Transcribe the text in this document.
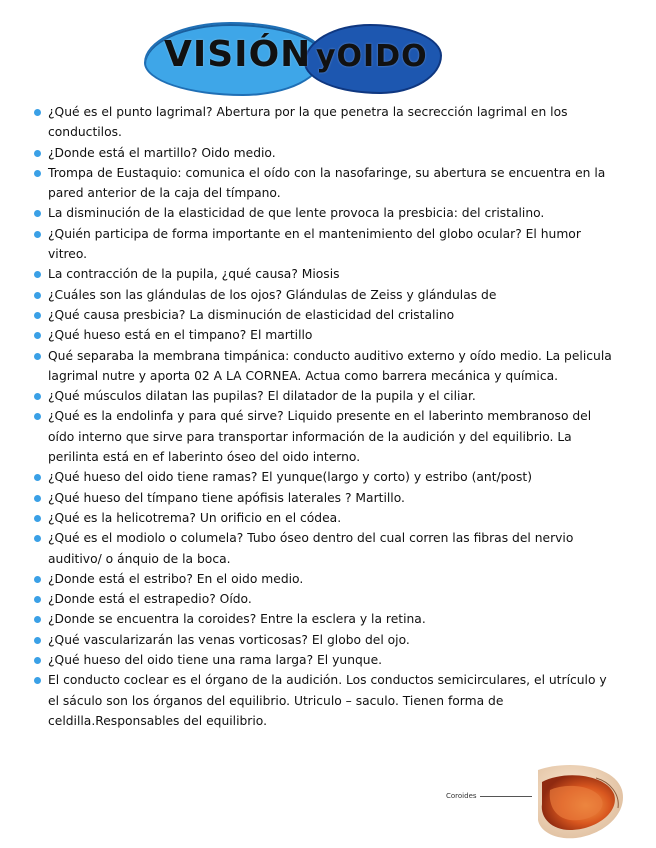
VISIÓN yOIDO
¿Qué es el punto lagrimal? Abertura por la que penetra la secrección lagrimal en los conductilos.
¿Donde está el martillo? Oido medio.
Trompa de Eustaquio: comunica el oído con la nasofaringe, su abertura se encuentra en la pared anterior de la caja del tímpano.
La disminución de la elasticidad de que lente provoca la presbicia: del cristalino.
¿Quién participa de forma importante en el mantenimiento del globo ocular? El humor vitreo.
La contracción de la pupila, ¿qué causa? Miosis
¿Cuáles son las glándulas de los ojos? Glándulas de Zeiss y glándulas de
¿Qué causa presbicia? La disminución de elasticidad del cristalino
¿Qué hueso está en el timpano? El martillo
Qué separaba la membrana timpánica: conducto auditivo externo y oído medio. La pelicula lagrimal nutre y aporta 02 A LA CORNEA. Actua como barrera mecánica y química.
¿Qué músculos dilatan las pupilas? El dilatador de la pupila y el ciliar.
¿Qué es la endolinfa y para qué sirve? Liquido presente en el laberinto membranoso del oído interno que sirve para transportar información de la audición y del equilibrio. La perilinta está en ef laberinto óseo del oido interno.
¿Qué hueso del oido tiene ramas? El yunque(largo y corto) y estribo (ant/post)
¿Qué hueso del tímpano tiene apófisis laterales ? Martillo.
¿Qué es la helicotrema? Un orificio en el códea.
¿Qué es el modiolo o columela? Tubo óseo dentro del cual corren las fibras del nervio auditivo/ o ánquio de la boca.
¿Donde está el estribo? En el oido medio.
¿Donde está el estrapedio? Oído.
¿Donde se encuentra la coroides? Entre la esclera y la retina.
¿Qué vascularizarán las venas vorticosas? El globo del ojo.
¿Qué hueso del oido tiene una rama larga? El yunque.
El conducto coclear es el órgano de la audición. Los conductos semicirculares, el utrículo y el sáculo son los órganos del equilibrio. Utriculo – saculo. Tienen forma de celdilla.Responsables del equilibrio.
Coroides
